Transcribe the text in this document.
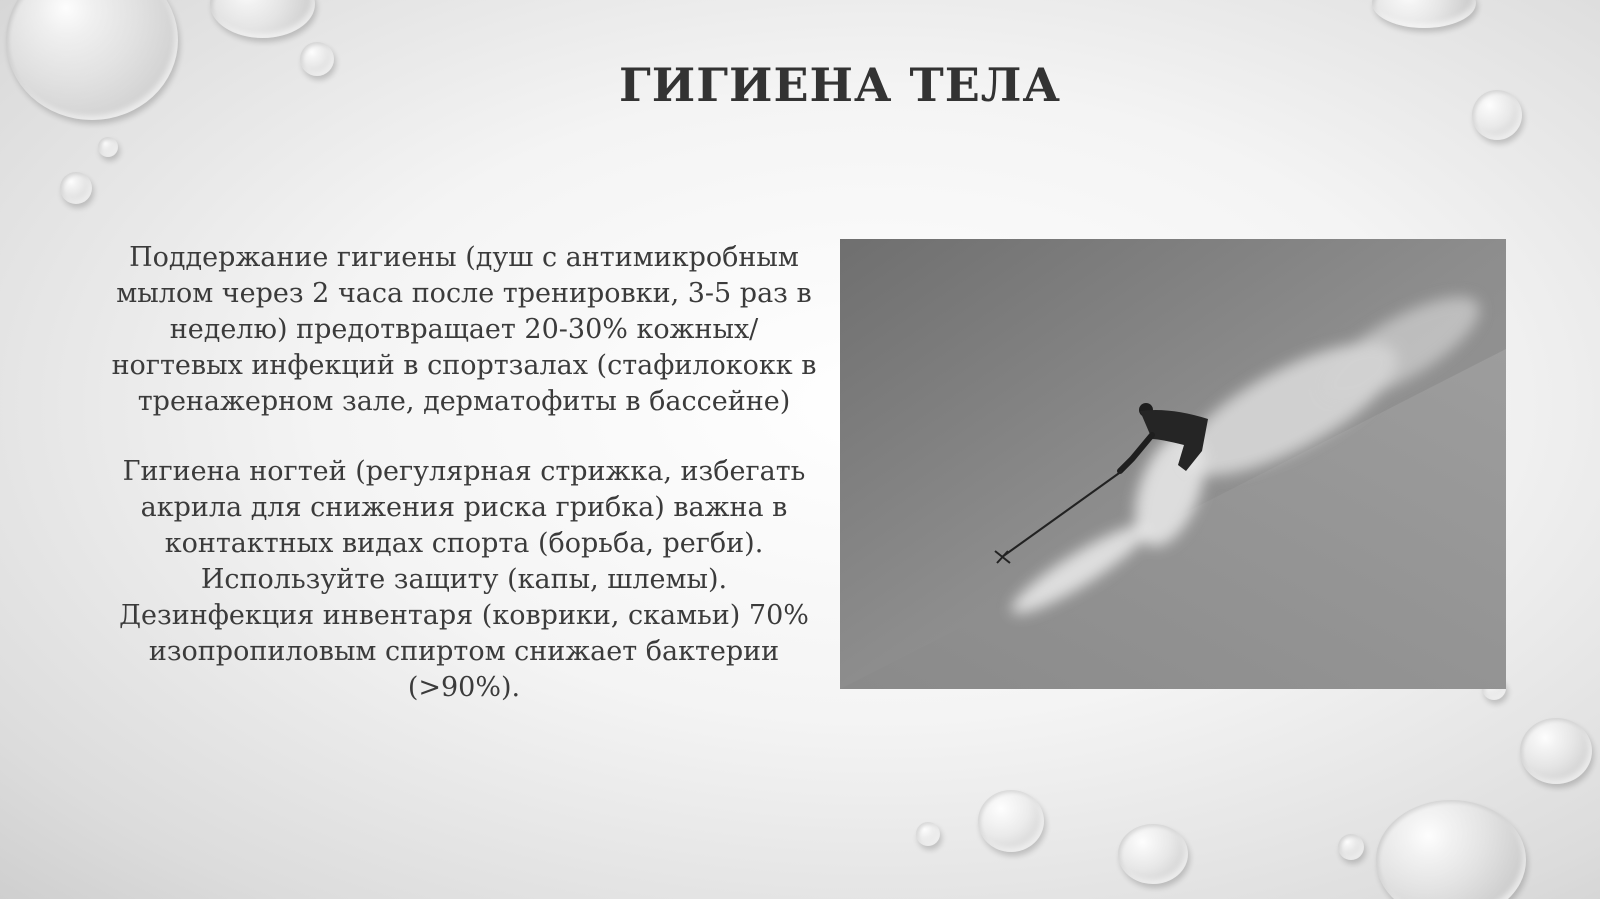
ГИГИЕНА ТЕЛА

Поддержание гигиены (душ с антимикробным мылом через 2 часа после тренировки, 3-5 раз в неделю) предотвращает 20-30% кожных/ногтевых инфекций в спортзалах (стафилококк в тренажерном зале, дерматофиты в бассейне)

Гигиена ногтей (регулярная стрижка, избегать акрила для снижения риска грибка) важна в контактных видах спорта (борьба, регби). Используйте защиту (капы, шлемы). Дезинфекция инвентаря (коврики, скамьи) 70% изопропиловым спиртом снижает бактерии (>90%).
